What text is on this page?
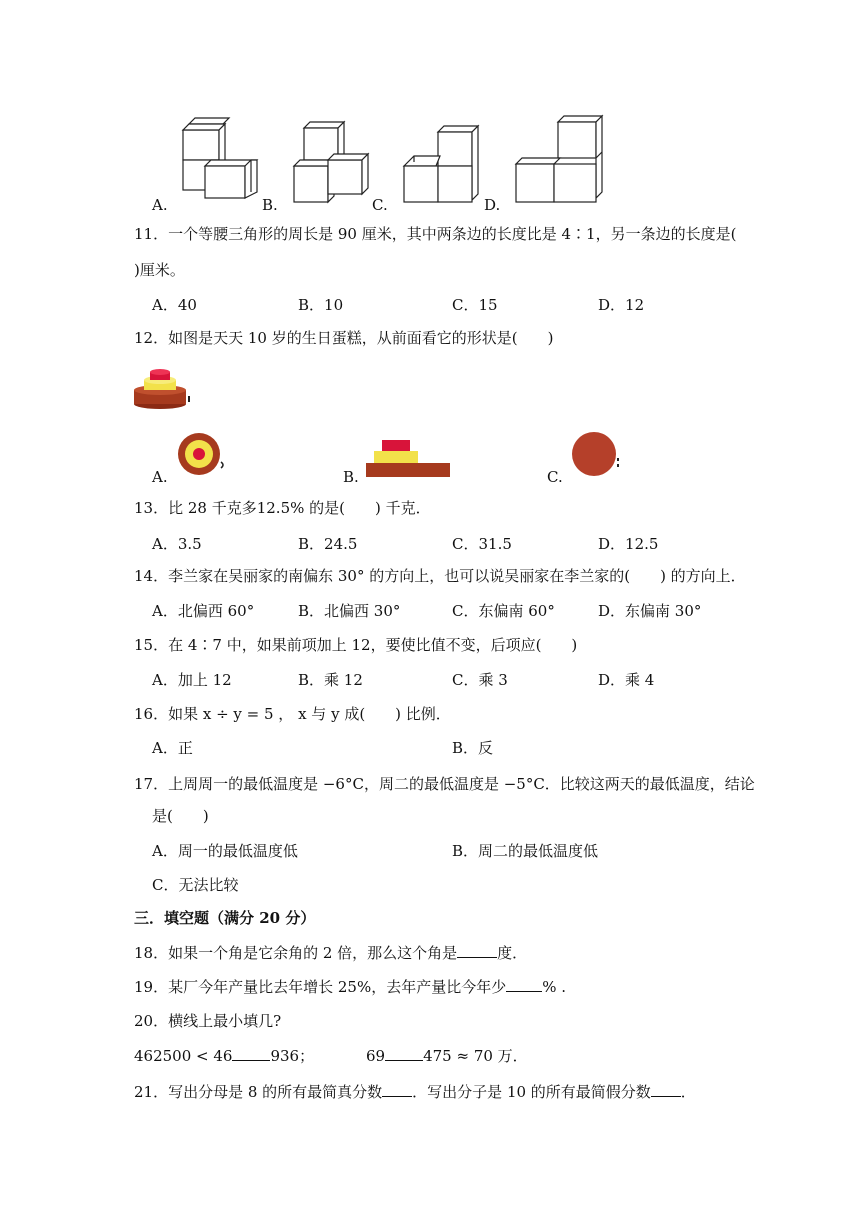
A.	B.	C.	D.
11．一个等腰三角形的周长是 90 厘米，其中两条边的长度比是 4∶1，另一条边的长度是(
)厘米。
A．40	B．10	C．15	D．12
12．如图是天天 10 岁的生日蛋糕，从前面看它的形状是(　　)
A.	B.	C.
13．比 28 千克多12.5% 的是(　　) 千克．
A．3.5	B．24.5	C．31.5	D．12.5
14．李兰家在吴丽家的南偏东 30° 的方向上，也可以说吴丽家在李兰家的(　　) 的方向上．
A．北偏西 60°	B．北偏西 30°	C．东偏南 60°	D．东偏南 30°
15．在 4∶7 中，如果前项加上 12，要使比值不变，后项应(　　)
A．加上 12	B．乘 12	C．乘 3	D．乘 4
16．如果 x ÷ y = 5 ， x 与 y 成(　　) 比例．
A．正	B．反
17．上周周一的最低温度是 −6°C，周二的最低温度是 −5°C．比较这两天的最低温度，结论
是(　　)
A．周一的最低温度低	B．周二的最低温度低
C．无法比较
三．填空题（满分 20 分）
18．如果一个角是它余角的 2 倍，那么这个角是	度．
19．某厂今年产量比去年增长 25%，去年产量比今年少 % .
20．横线上最小填几?
462500 < 46	936；	69	475 ≈ 70 万．
21．写出分母是 8 的所有最简真分数 ．写出分子是 10 的所有最简假分数 ．
